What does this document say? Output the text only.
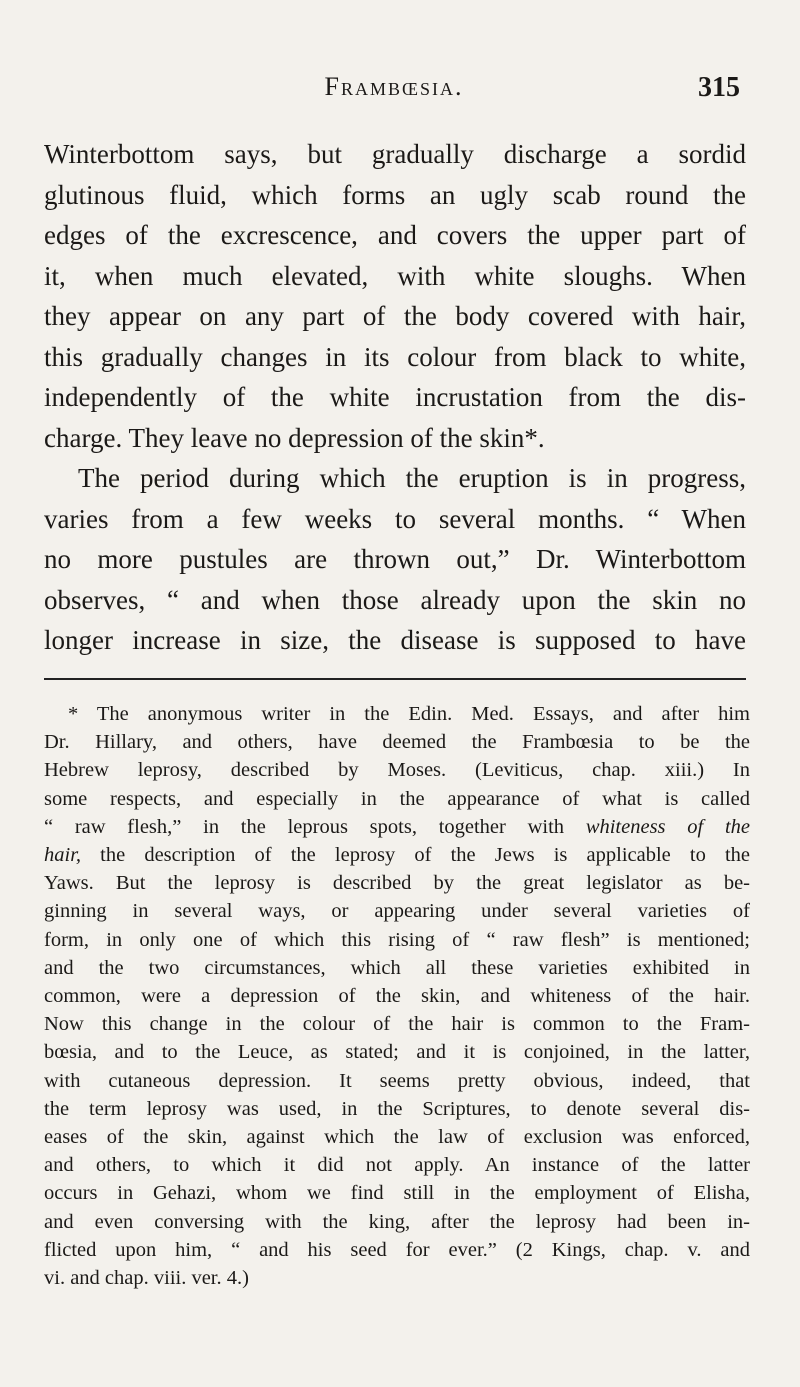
Frambœsia.	315
Winterbottom says, but gradually discharge a sordid
glutinous fluid, which forms an ugly scab round the
edges of the excrescence, and covers the upper part of
it, when much elevated, with white sloughs. When
they appear on any part of the body covered with hair,
this gradually changes in its colour from black to white,
independently of the white incrustation from the dis-
charge. They leave no depression of the skin*.
The period during which the eruption is in progress,
varies from a few weeks to several months. “ When
no more pustules are thrown out,” Dr. Winterbottom
observes, “ and when those already upon the skin no
longer increase in size, the disease is supposed to have
* The anonymous writer in the Edin. Med. Essays, and after him
Dr. Hillary, and others, have deemed the Frambœsia to be the
Hebrew leprosy, described by Moses. (Leviticus, chap. xiii.) In
some respects, and especially in the appearance of what is called
“ raw flesh,” in the leprous spots, together with whiteness of the
hair, the description of the leprosy of the Jews is applicable to the
Yaws. But the leprosy is described by the great legislator as be-
ginning in several ways, or appearing under several varieties of
form, in only one of which this rising of “ raw flesh” is mentioned;
and the two circumstances, which all these varieties exhibited in
common, were a depression of the skin, and whiteness of the hair.
Now this change in the colour of the hair is common to the Fram-
bœsia, and to the Leuce, as stated; and it is conjoined, in the latter,
with cutaneous depression. It seems pretty obvious, indeed, that
the term leprosy was used, in the Scriptures, to denote several dis-
eases of the skin, against which the law of exclusion was enforced,
and others, to which it did not apply. An instance of the latter
occurs in Gehazi, whom we find still in the employment of Elisha,
and even conversing with the king, after the leprosy had been in-
flicted upon him, “ and his seed for ever.” (2 Kings, chap. v. and
vi. and chap. viii. ver. 4.)
